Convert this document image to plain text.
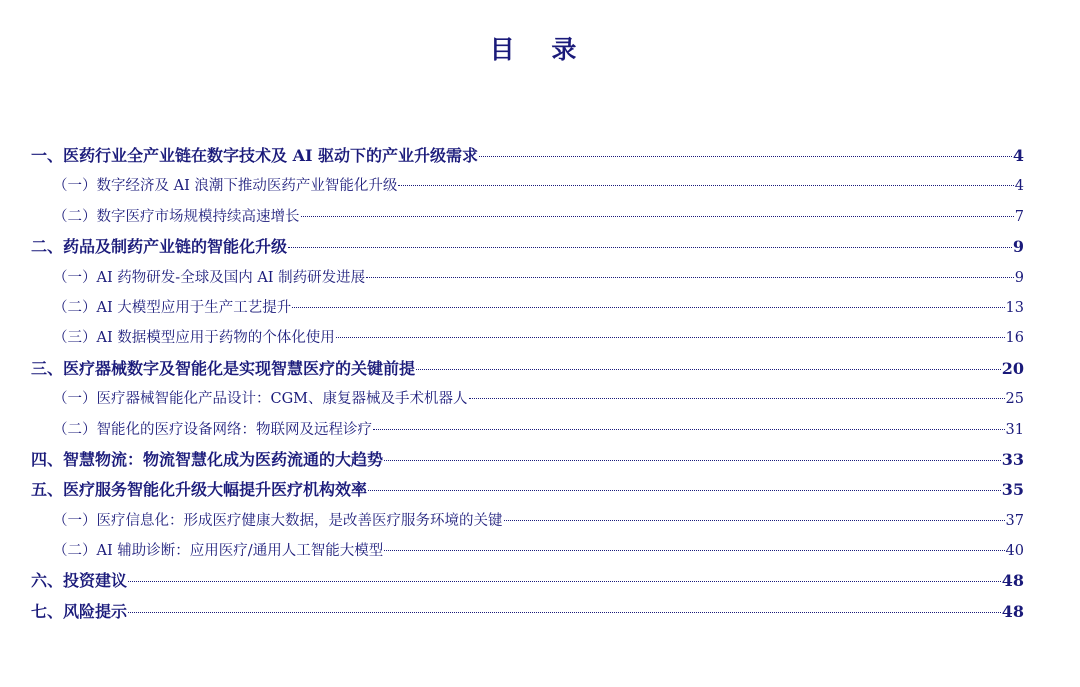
目 录
一、医药行业全产业链在数字技术及 AI 驱动下的产业升级需求	4
（一）数字经济及 AI 浪潮下推动医药产业智能化升级	4
（二）数字医疗市场规模持续高速增长	7
二、药品及制药产业链的智能化升级	9
（一）AI 药物研发-全球及国内 AI 制药研发进展	9
（二）AI 大模型应用于生产工艺提升	13
（三）AI 数据模型应用于药物的个体化使用	16
三、医疗器械数字及智能化是实现智慧医疗的关键前提	20
（一）医疗器械智能化产品设计：CGM、康复器械及手术机器人	25
（二）智能化的医疗设备网络：物联网及远程诊疗	31
四、智慧物流：物流智慧化成为医药流通的大趋势	33
五、医疗服务智能化升级大幅提升医疗机构效率	35
（一）医疗信息化：形成医疗健康大数据，是改善医疗服务环境的关键	37
（二）AI 辅助诊断：应用医疗/通用人工智能大模型	40
六、投资建议	48
七、风险提示	48
